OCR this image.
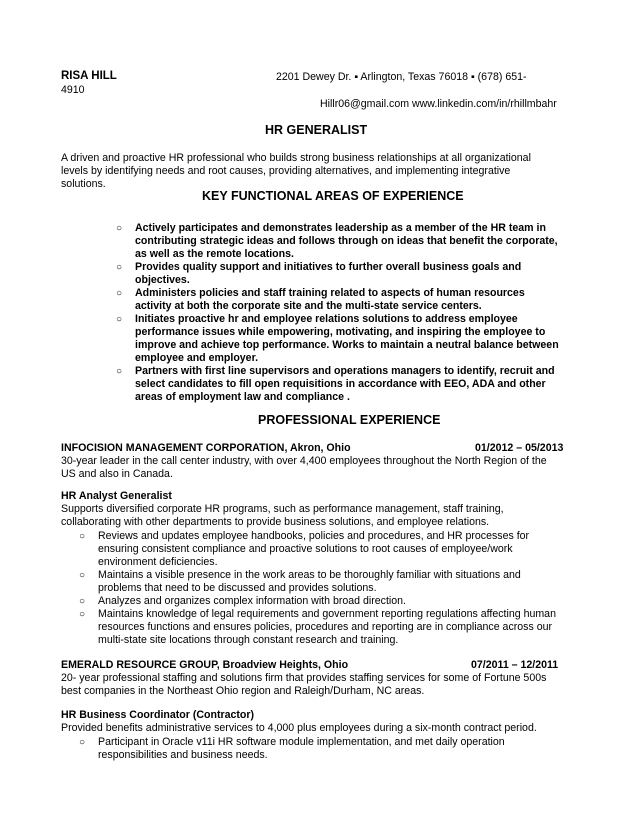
RISA HILL	2201 Dewey Dr. ▪ Arlington, Texas 76018 ▪ (678) 651-
4910
Hillr06@gmail.com www.linkedin.com/in/rhillmbahr
HR GENERALIST
A driven and proactive HR professional who builds strong business relationships at all organizational
levels by identifying needs and root causes, providing alternatives, and implementing integrative
solutions.
KEY FUNCTIONAL AREAS OF EXPERIENCE
○ Actively participates and demonstrates leadership as a member of the HR team in
contributing strategic ideas and follows through on ideas that benefit the corporate,
as well as the remote locations.
○ Provides quality support and initiatives to further overall business goals and
objectives.
○ Administers policies and staff training related to aspects of human resources
activity at both the corporate site and the multi-state service centers.
○ Initiates proactive hr and employee relations solutions to address employee
performance issues while empowering, motivating, and inspiring the employee to
improve and achieve top performance. Works to maintain a neutral balance between
employee and employer.
○ Partners with first line supervisors and operations managers to identify, recruit and
select candidates to fill open requisitions in accordance with EEO, ADA and other
areas of employment law and compliance .
PROFESSIONAL EXPERIENCE
INFOCISION MANAGEMENT CORPORATION, Akron, Ohio	01/2012 – 05/2013
30-year leader in the call center industry, with over 4,400 employees throughout the North Region of the
US and also in Canada.
HR Analyst Generalist
Supports diversified corporate HR programs, such as performance management, staff training,
collaborating with other departments to provide business solutions, and employee relations.
○ Reviews and updates employee handbooks, policies and procedures, and HR processes for
ensuring consistent compliance and proactive solutions to root causes of employee/work
environment deficiencies.
○ Maintains a visible presence in the work areas to be thoroughly familiar with situations and
problems that need to be discussed and provides solutions.
○ Analyzes and organizes complex information with broad direction.
○ Maintains knowledge of legal requirements and government reporting regulations affecting human
resources functions and ensures policies, procedures and reporting are in compliance across our
multi-state site locations through constant research and training.
EMERALD RESOURCE GROUP, Broadview Heights, Ohio	07/2011 – 12/2011
20- year professional staffing and solutions firm that provides staffing services for some of Fortune 500s
best companies in the Northeast Ohio region and Raleigh/Durham, NC areas.
HR Business Coordinator (Contractor)
Provided benefits administrative services to 4,000 plus employees during a six-month contract period.
○ Participant in Oracle v11i HR software module implementation, and met daily operation
responsibilities and business needs.
